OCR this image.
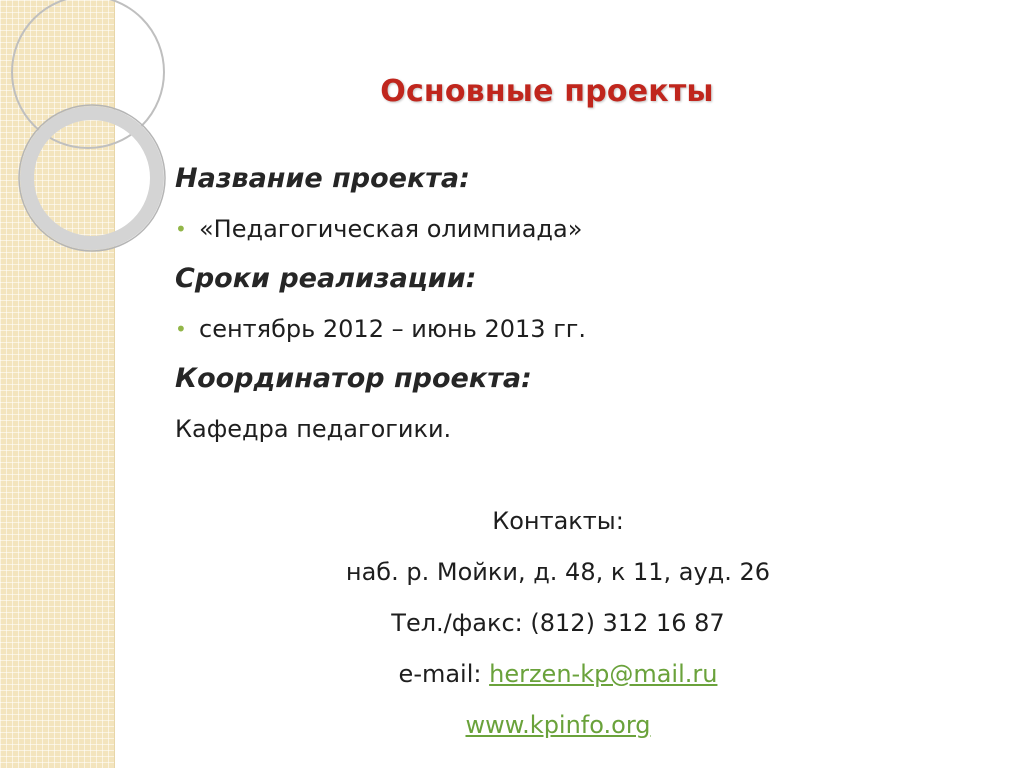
Основные проекты
Название проекта:
• «Педагогическая олимпиада»
Сроки реализации:
• сентябрь 2012 – июнь 2013 гг.
Координатор проекта:
Кафедра педагогики.
Контакты:
наб. р. Мойки, д. 48, к 11, ауд. 26
Тел./факс: (812) 312 16 87
e-mail: herzen-kp@mail.ru
www.kpinfo.org
